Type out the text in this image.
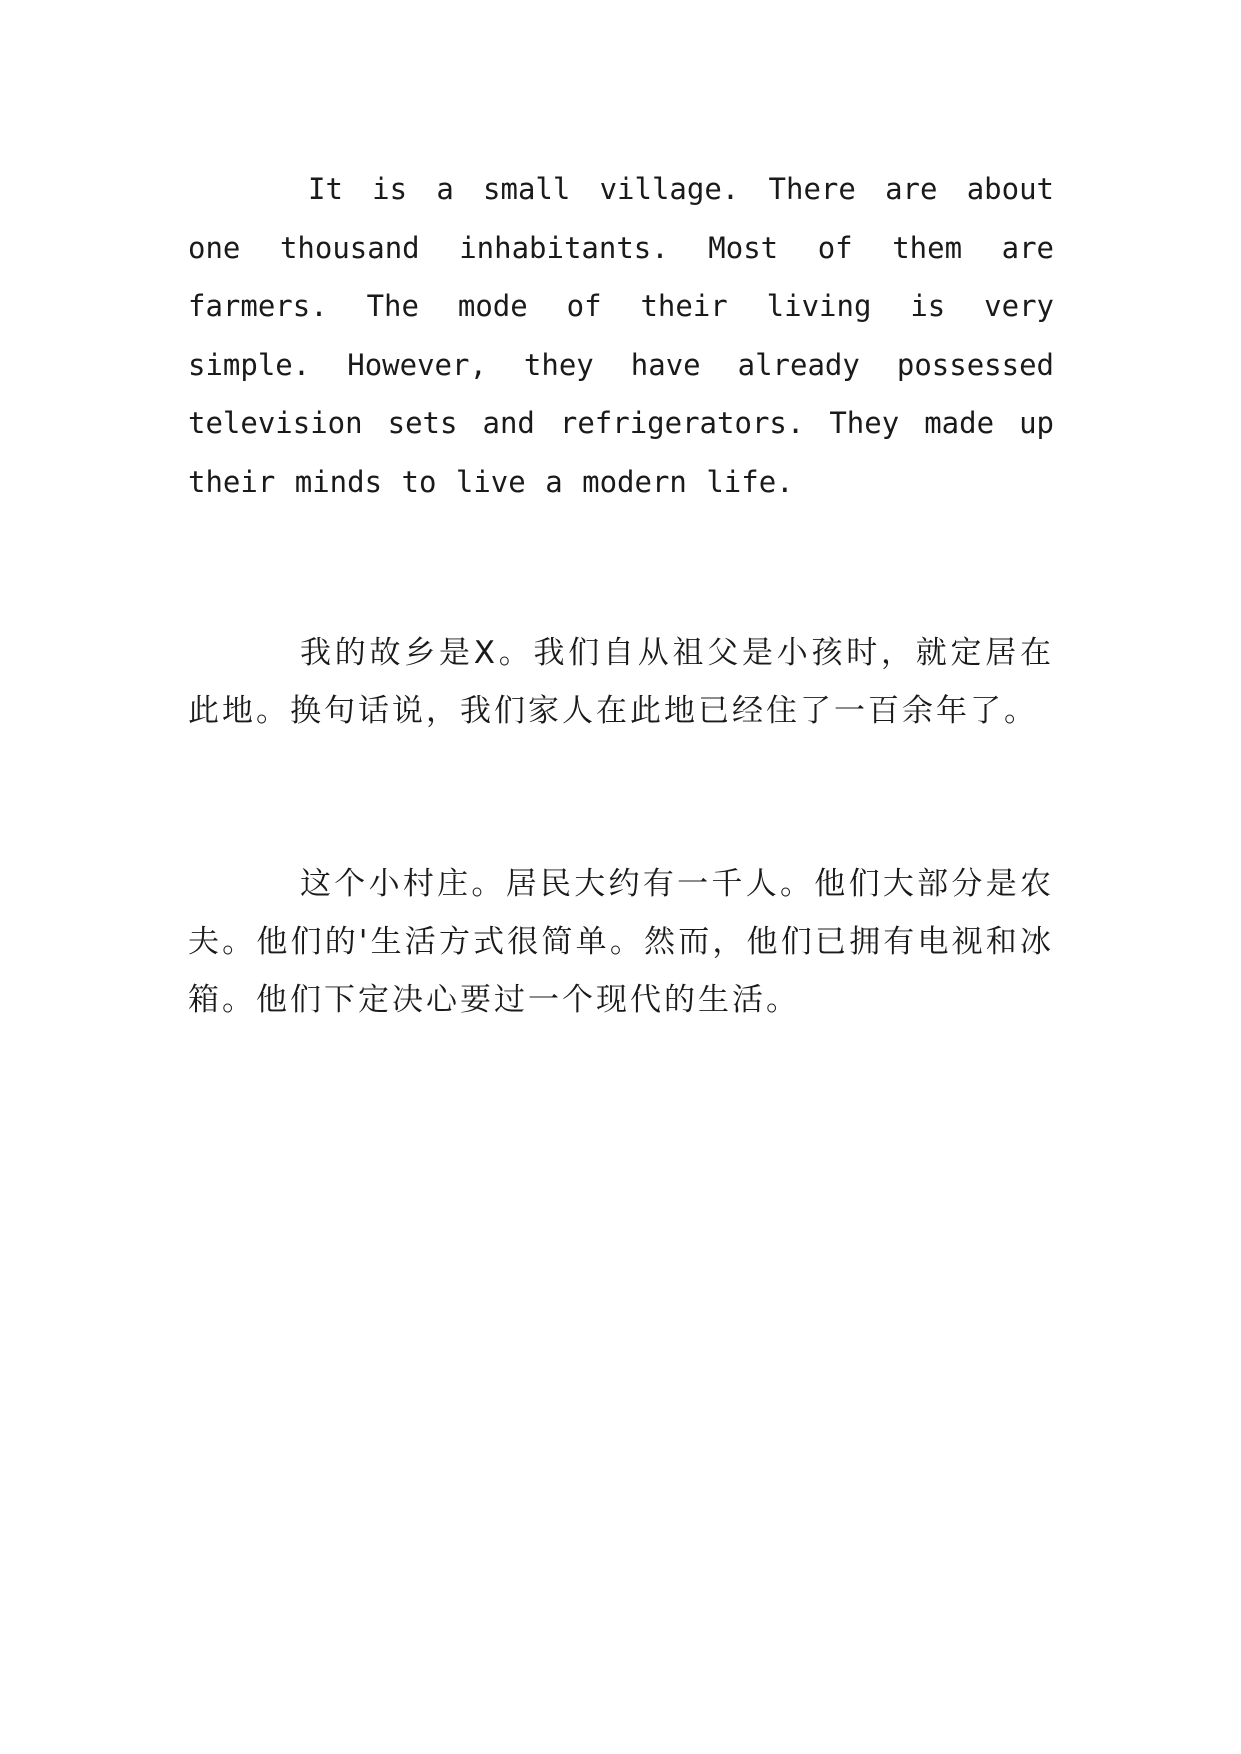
It is a small village. There are about one thousand inhabitants. Most of them are farmers. The mode of their living is very simple. However, they have already possessed television sets and refrigerators. They made up their minds to live a modern life.

我的故乡是X。我们自从祖父是小孩时，就定居在此地。换句话说，我们家人在此地已经住了一百余年了。

这个小村庄。居民大约有一千人。他们大部分是农夫。他们的'生活方式很简单。然而，他们已拥有电视和冰箱。他们下定决心要过一个现代的生活。
